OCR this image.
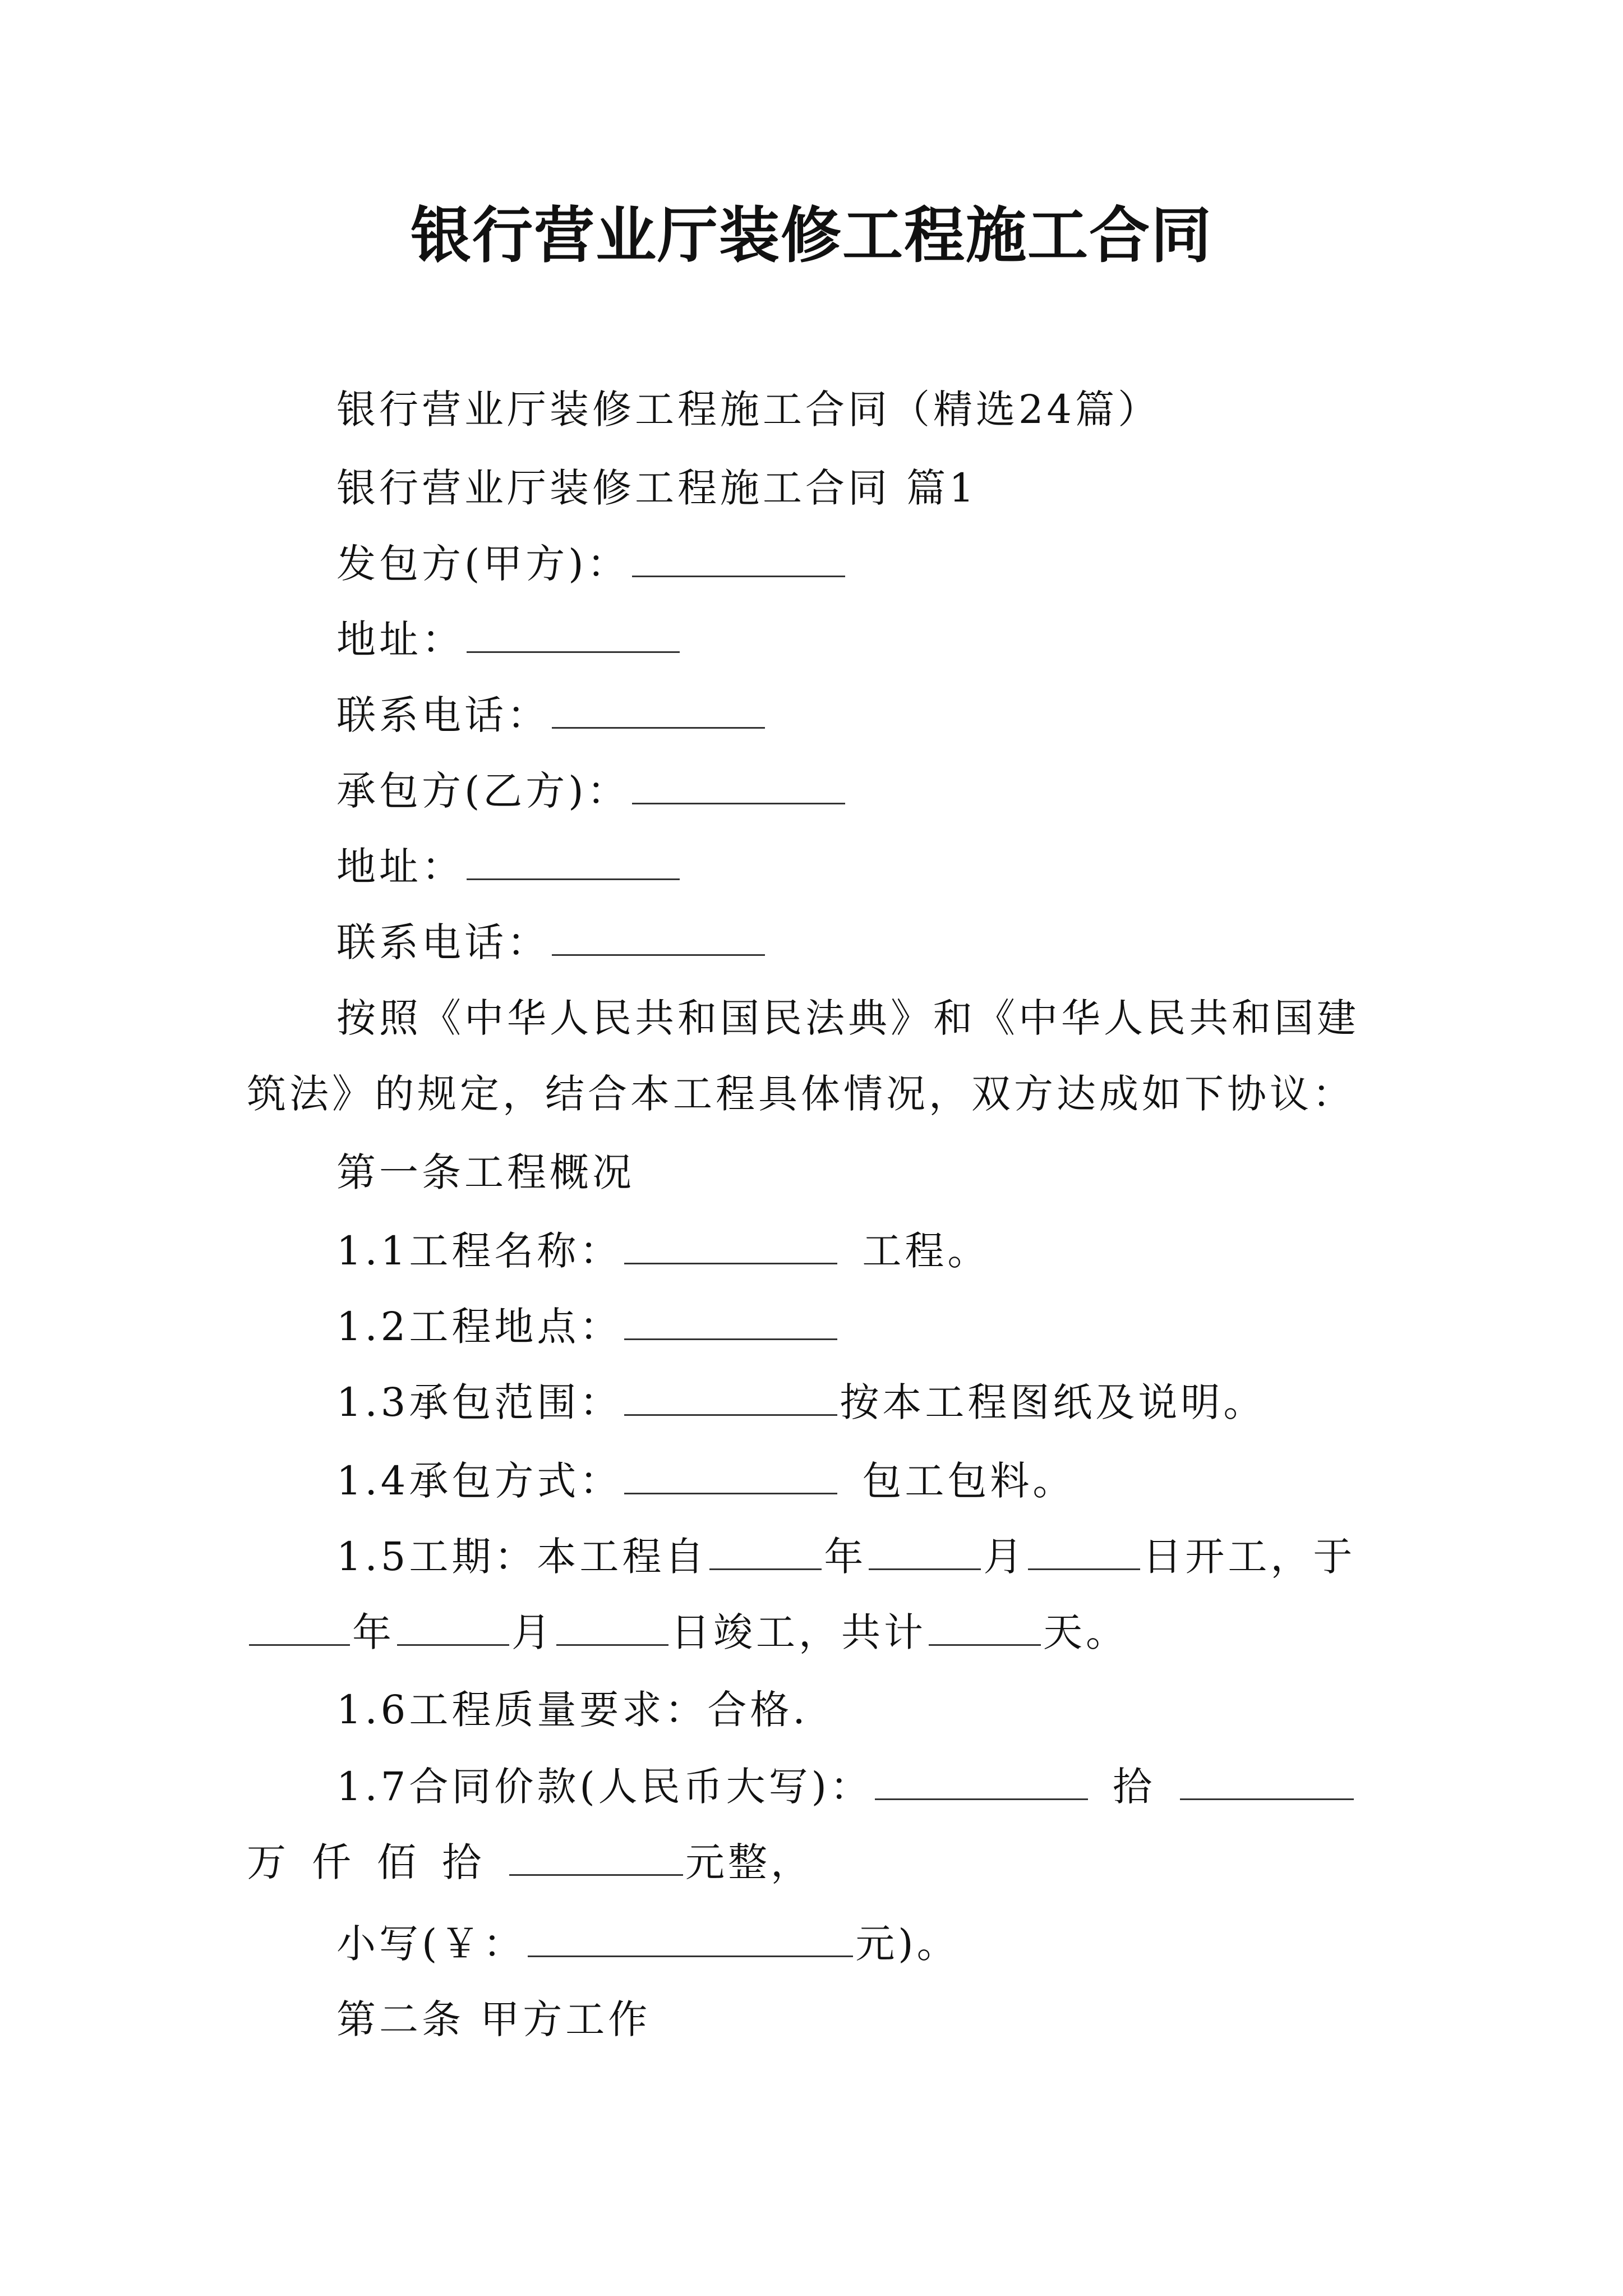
银行营业厅装修工程施工合同
银行营业厅装修工程施工合同（精选24篇）
银行营业厅装修工程施工合同 篇1
发包方(甲方)：
地址：
联系电话：
承包方(乙方)：
地址：
联系电话：
按照《中华人民共和国民法典》和《中华人民共和国建
筑法》的规定，结合本工程具体情况，双方达成如下协议：
第一条工程概况
1.1工程名称：	工程。
1.2工程地点：
1.3承包范围：	按本工程图纸及说明。
1.4承包方式：	包工包料。
1.5工期：本工程自	年	月	日开工，于
年	月	日竣工，共计	天。
1.6工程质量要求：合格.
1.7合同价款(人民币大写)：	拾
万 仟 佰 拾	元整，
小写(￥：	元)。
第二条 甲方工作
